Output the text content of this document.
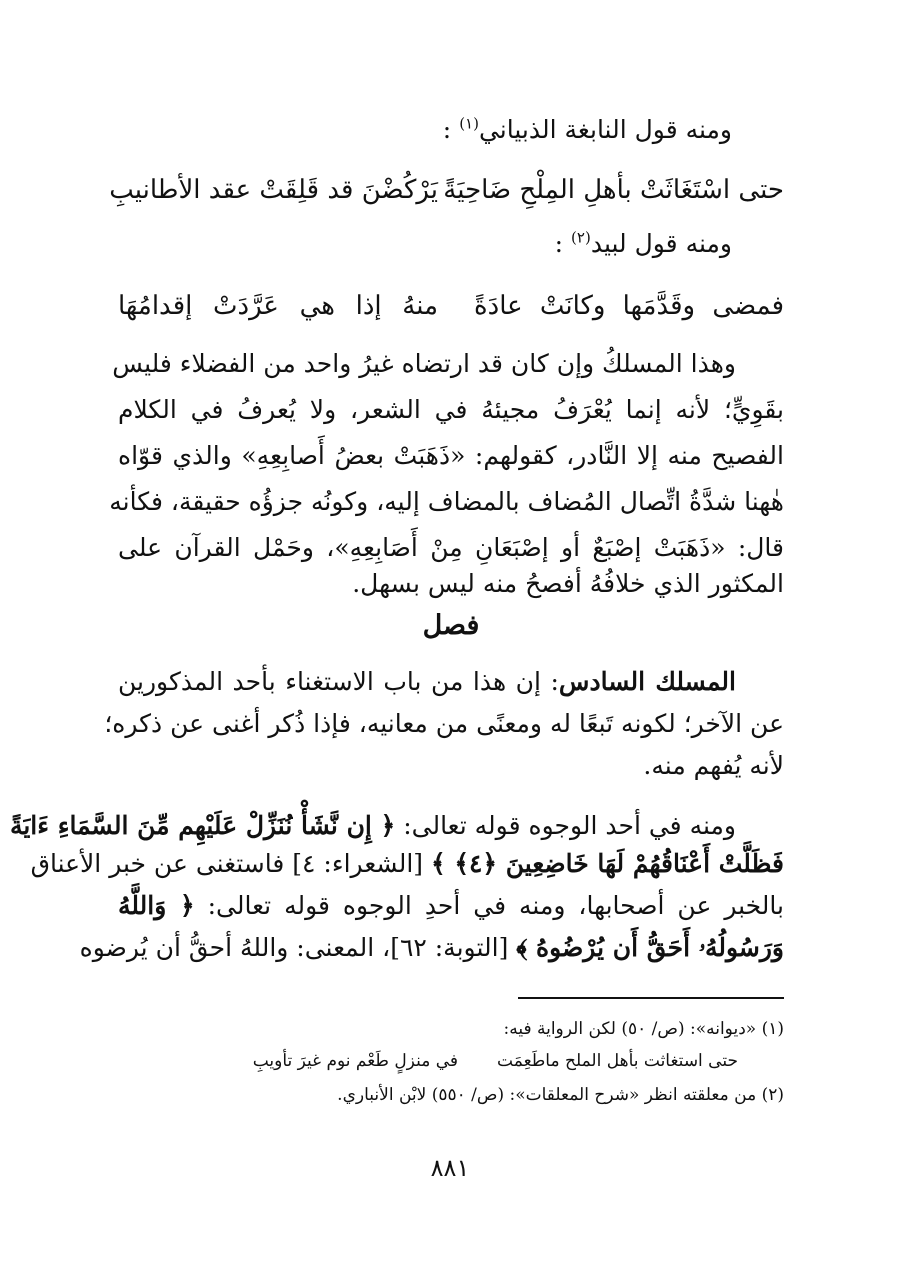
ومنه قول النابغة الذبياني$^{(١)}$ :
حتى اسْتَغَاثَتْ بأهلِ المِلْحِ ضَاحِيَةً
يَرْكُضْنَ قد قَلِقَتْ عقد الأطانيبِ
ومنه قول لبيد$^{(٢)}$ :
فمضى وقَدَّمَها وكانَتْ عادَةً
منهُ إذا هي عَرَّدَتْ إقدامُهَا
وهذا المسلكُ وإن كان قد ارتضاه غيرُ واحد من الفضلاء فليس
بقَوِيٍّ؛ لأنه إنما يُعْرَفُ مجيئهُ في الشعر، ولا يُعرفُ في الكلام
الفصيح منه إلا النَّادر، كقولهم: «ذَهَبَتْ بعضُ أَصابِعِهِ» والذي قوّاه
هٰهنا شدَّةُ اتِّصال المُضاف بالمضاف إليه، وكونُه جزؤُه حقيقة، فكأنه
قال: «ذَهَبَتْ إصْبَعٌ أو إصْبَعَانِ مِنْ أَصَابِعِهِ»، وحَمْل القرآن على
المكثور الذي خلافُهُ أفصحُ منه ليس بسهل.
فصل
المسلك السادس: إن هذا من باب الاستغناء بأحد المذكورين
عن الآخر؛ لكونه تَبعًا له ومعنًى من معانيه، فإذا ذُكر أغنى عن ذكره؛
لأنه يُفهم منه.
ومنه في أحد الوجوه قوله تعالى: ﴿ إِن نَّشَأْ نُنَزِّلْ عَلَيْهِم مِّنَ السَّمَاءِ ءَايَةً
فَظَلَّتْ أَعْنَاقُهُمْ لَهَا خَاضِعِينَ ﴿٤﴾ ﴾ [الشعراء: ٤] فاستغنى عن خبر الأعناق
بالخبر عن أصحابها، ومنه في أحدِ الوجوه قوله تعالى: ﴿ وَاللَّهُ
وَرَسُولُهُۥ أَحَقُّ أَن يُرْضُوهُ ﴾ [التوبة: ٦٢]، المعنى: واللهُ أحقُّ أن يُرضوه
(١) «ديوانه»: (ص/ ٥٠) لكن الرواية فيه:
حتى استغاثت بأهل الملح ماطَعِمَت
في منزلٍ طَعْم نوم غيرَ تأويبِ
(٢) من معلقته انظر «شرح المعلقات»: (ص/ ٥٥٠) لابْن الأنباري.
٨٨١
